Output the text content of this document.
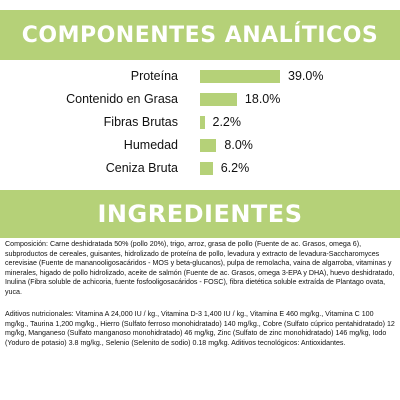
COMPONENTES ANALÍTICOS
Proteína	39.0%
Contenido en Grasa	18.0%
Fibras Brutas	2.2%
Humedad	8.0%
Ceniza Bruta	6.2%
INGREDIENTES
Composición: Carne deshidratada 50% (pollo 20%), trigo, arroz, grasa de pollo (Fuente de ac. Grasos, omega 6), subproductos de cereales, guisantes, hidrolizado de proteína de pollo, levadura y extracto de levadura-Saccharomyces cerevisiae (Fuente de mananooligosacáridos - MOS y beta-glucanos), pulpa de remolacha, vaina de algarroba, vitaminas y minerales, higado de pollo hidrolizado, aceite de salmón (Fuente de ac. Grasos, omega 3-EPA y DHA), huevo deshidratado, Inulina (Fibra soluble de achicoria, fuente fosfooligosacáridos - FOSC), fibra dietética soluble extraída de Plantago ovata, yuca.
Aditivos nutricionales: Vitamina A 24,000 IU / kg., Vitamina D-3 1,400 IU / kg., Vitamina E 460 mg/kg., Vitamina C 100 mg/kg., Taurina 1,200 mg/kg., Hierro (Sulfato ferroso monohidratado) 140 mg/kg., Cobre (Sulfato cúprico pentahidratado) 12 mg/kg, Manganeso (Sulfato manganoso monohidratado) 46 mg/kg, Zinc (Sulfato de zinc monohidratado) 146 mg/kg, Iodo (Yoduro de potasio) 3.8 mg/kg., Selenio (Selenito de sodio) 0.18 mg/kg. Aditivos tecnológicos: Antioxidantes.
